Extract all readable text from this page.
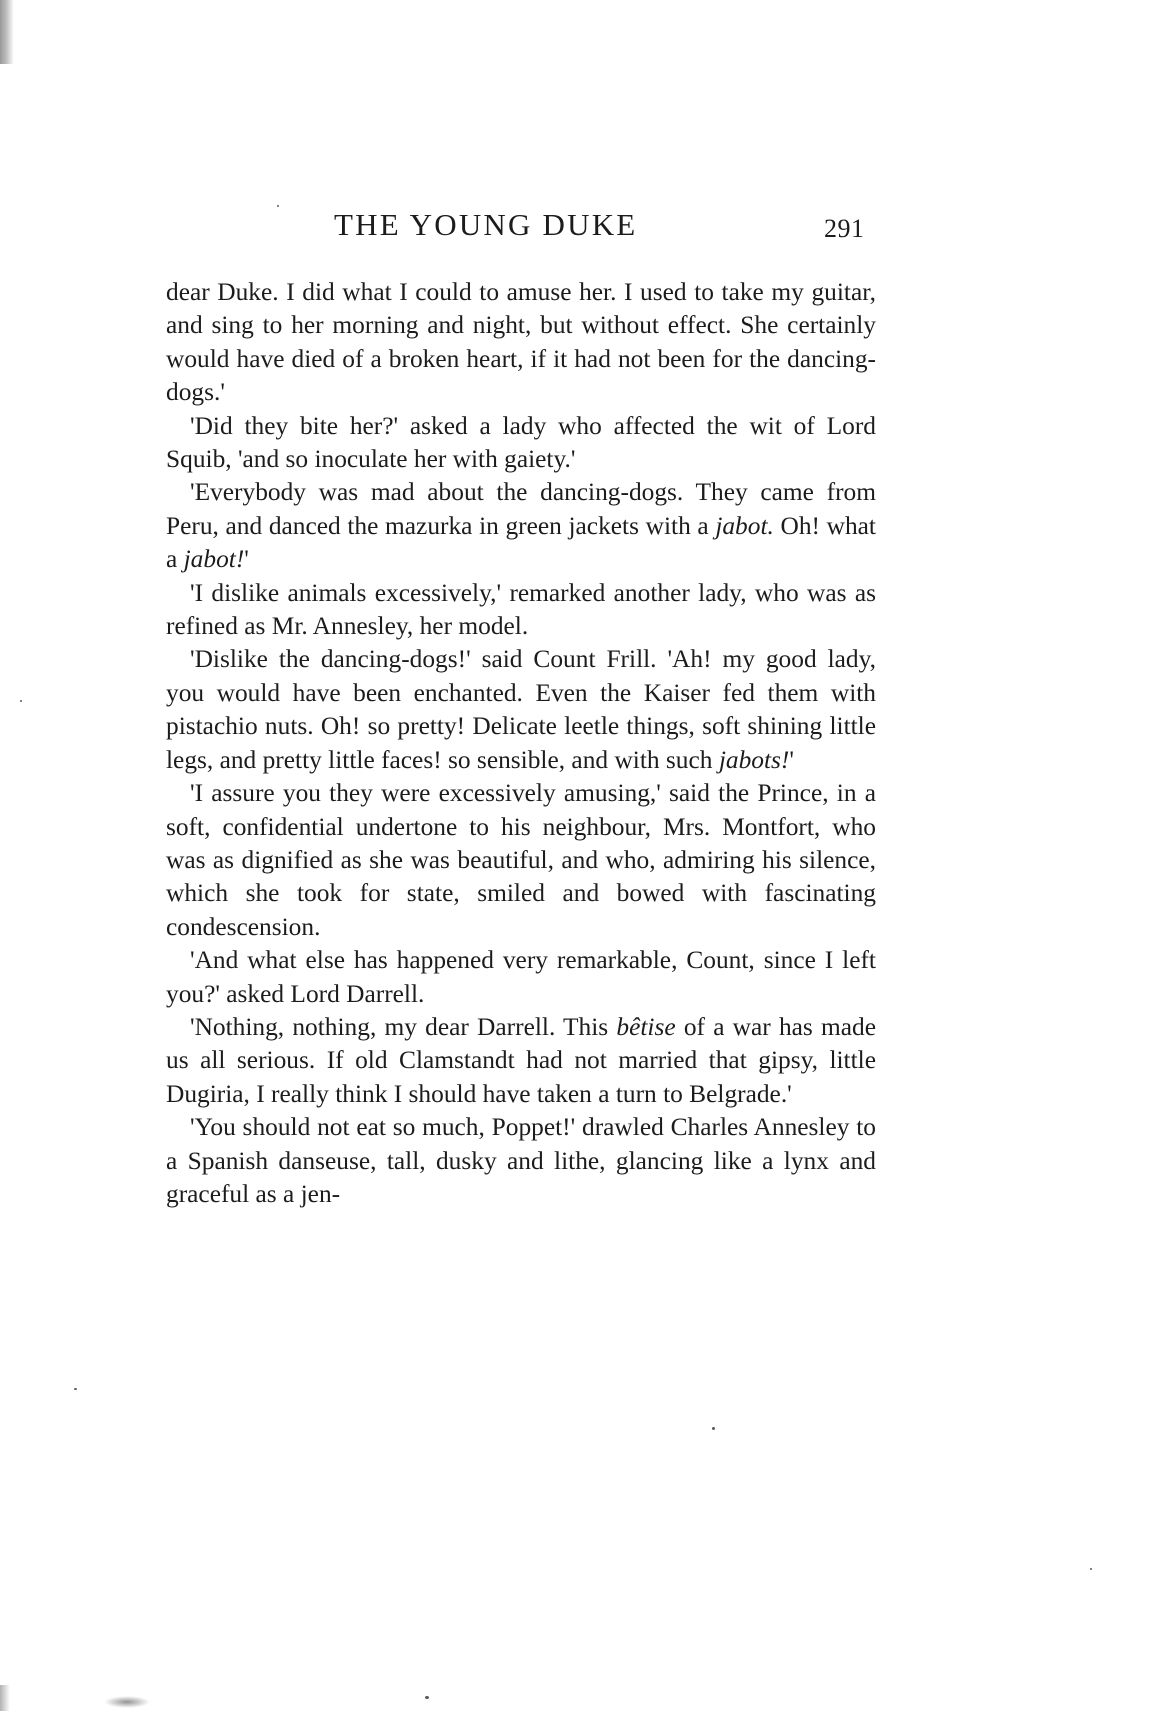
THE YOUNG DUKE	291

dear Duke. I did what I could to amuse her. I used to take my guitar, and sing to her morning and night, but without effect. She certainly would have died of a broken heart, if it had not been for the dancing-dogs.'

'Did they bite her?' asked a lady who affected the wit of Lord Squib, 'and so inoculate her with gaiety.'

'Everybody was mad about the dancing-dogs. They came from Peru, and danced the mazurka in green jackets with a jabot. Oh! what a jabot!'

'I dislike animals excessively,' remarked another lady, who was as refined as Mr. Annesley, her model.

'Dislike the dancing-dogs!' said Count Frill. 'Ah! my good lady, you would have been enchanted. Even the Kaiser fed them with pistachio nuts. Oh! so pretty! Delicate leetle things, soft shining little legs, and pretty little faces! so sensible, and with such jabots!'

'I assure you they were excessively amusing,' said the Prince, in a soft, confidential undertone to his neighbour, Mrs. Montfort, who was as dignified as she was beautiful, and who, admiring his silence, which she took for state, smiled and bowed with fascinating condescension.

'And what else has happened very remarkable, Count, since I left you?' asked Lord Darrell.

'Nothing, nothing, my dear Darrell. This bêtise of a war has made us all serious. If old Clamstandt had not married that gipsy, little Dugiria, I really think I should have taken a turn to Belgrade.'

'You should not eat so much, Poppet!' drawled Charles Annesley to a Spanish danseuse, tall, dusky and lithe, glancing like a lynx and graceful as a jen-
